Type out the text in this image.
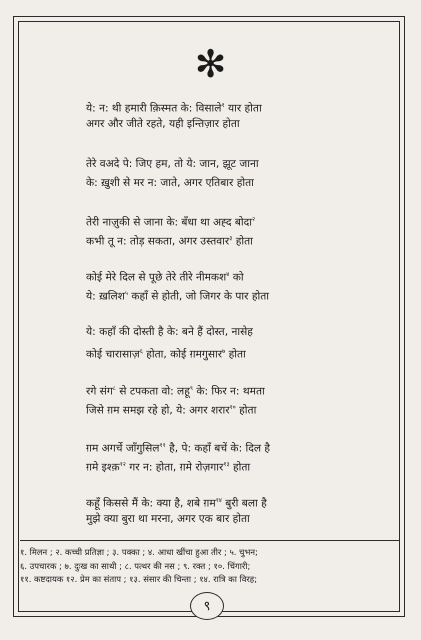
✻
ये: न: थी हमारी क़िस्मत के: विसाले$^१$ यार होता
अगर और जीते रहते, यही इन्तिज़ार होता
तेरे वअदे पे: जिए हम, तो ये: जान, झूट जाना
के: ख़ुशी से मर न: जाते, अगर एतिबार होता
तेरी नाज़ुकी से जाना के: बँधा था अह्द बोदा$^२$
कभी तू न: तोड़ सकता, अगर उस्तवार$^३$ होता
कोई मेरे दिल से पूछे तेरे तीरे नीमकश$^४$ को
ये: ख़लिश$^५$ कहाँ से होती, जो जिगर के पार होता
ये: कहाँ की दोस्ती है के: बने हैं दोस्त, नासेह
कोई चारासाज़$^६$ होता, कोई ग़मगुसार$^७$ होता
रगे संग$^८$ से टपकता वो: लहू$^९$ के: फिर न: थमता
जिसे ग़म समझ रहे हो, ये: अगर शरार$^{१०}$ होता
ग़म अगर्चे जाँगुसिल$^{११}$ है, पे: कहाँ बचें के: दिल है
ग़मे इश्क़$^{१२}$ गर न: होता, ग़मे रोज़गार$^{१३}$ होता
कहूँ किससे मैं के: क्या है, शबे ग़म$^{१४}$ बुरी बला है
मुझे क्या बुरा था मरना, अगर एक बार होता
१. मिलन ; २. कच्ची प्रतिज्ञा ; ३. पक्का ; ४. आधा खींचा हुआ तीर ; ५. चुभन;
६. उपचारक ; ७. दुःख का साथी ; ८. पत्थर की नस ; ९. रक्त ; १०. चिंगारी;
११. कष्टदायक १२. प्रेम का संताप ; १३. संसार की चिन्ता ; १४. रात्रि का विरह;
९
